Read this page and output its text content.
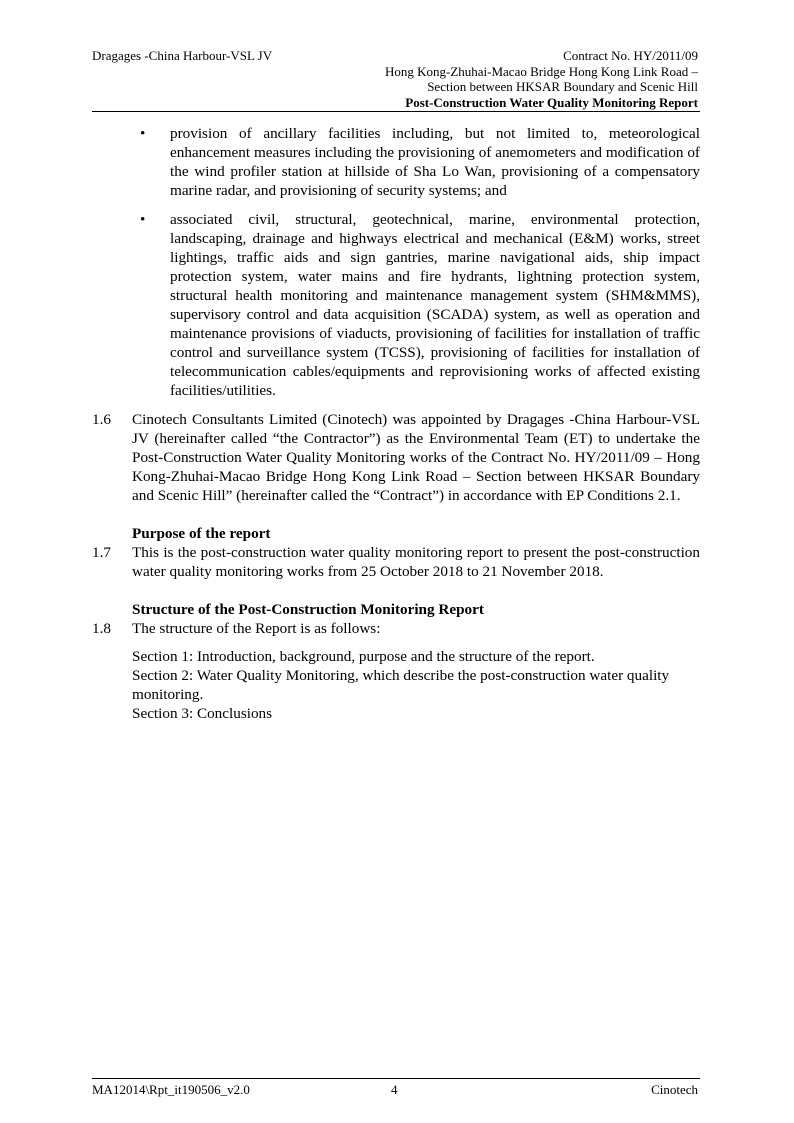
Dragages -China Harbour-VSL JV	Contract No. HY/2011/09
Hong Kong-Zhuhai-Macao Bridge Hong Kong Link Road –
Section between HKSAR Boundary and Scenic Hill
Post-Construction Water Quality Monitoring Report
• provision of ancillary facilities including, but not limited to, meteorological enhancement measures including the provisioning of anemometers and modification of the wind profiler station at hillside of Sha Lo Wan, provisioning of a compensatory marine radar, and provisioning of security systems; and
• associated civil, structural, geotechnical, marine, environmental protection, landscaping, drainage and highways electrical and mechanical (E&M) works, street lightings, traffic aids and sign gantries, marine navigational aids, ship impact protection system, water mains and fire hydrants, lightning protection system, structural health monitoring and maintenance management system (SHM&MMS), supervisory control and data acquisition (SCADA) system, as well as operation and maintenance provisions of viaducts, provisioning of facilities for installation of traffic control and surveillance system (TCSS), provisioning of facilities for installation of telecommunication cables/equipments and reprovisioning works of affected existing facilities/utilities.
1.6 Cinotech Consultants Limited (Cinotech) was appointed by Dragages -China Harbour-VSL JV (hereinafter called “the Contractor”) as the Environmental Team (ET) to undertake the Post-Construction Water Quality Monitoring works of the Contract No. HY/2011/09 – Hong Kong-Zhuhai-Macao Bridge Hong Kong Link Road – Section between HKSAR Boundary and Scenic Hill” (hereinafter called the “Contract”) in accordance with EP Conditions 2.1.
Purpose of the report
1.7 This is the post-construction water quality monitoring report to present the post-construction water quality monitoring works from 25 October 2018 to 21 November 2018.
Structure of the Post-Construction Monitoring Report
1.8 The structure of the Report is as follows:
Section 1: Introduction, background, purpose and the structure of the report.
Section 2: Water Quality Monitoring, which describe the post-construction water quality monitoring.
Section 3: Conclusions
MA12014\Rpt_it190506_v2.0	4	Cinotech
